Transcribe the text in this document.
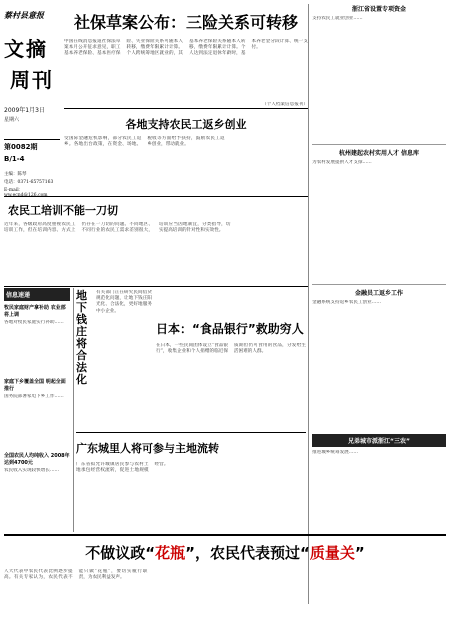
蔡村县意报
文摘
周刊
2009年1月3日
星期六
第0082期
B/1-4
主编：陈琴
电话：0371-65757163
E-mail：
社保草案公布：三险关系可转移
中国在线消息报道社保法草案本月公开征求意见，职工基本养老保险、基本医疗保险、失业保险关系可随本人转移，缴费年限累计计算。个人跨统筹地区就业的，其基本养老保险关系随本人转移，缴费年限累计计算。个人达到法定退休年龄时，基本养老金分段计算、统一支付。
（个人档案信息报刊）
浙江省设置专项资金
支持农民工就业创业……
杭州建起农村实用人才 信息库
为农村发展提供人才支撑……
金融员工返乡工作
金融系统支持返乡农民工创业……
兄弟城市派浙江“三农”
推进城乡统筹发展……
各地支持农民工返乡创业
受国际金融危机影响，部分农民工返乡。各地出台政策，在资金、场地、税收等方面给予扶持，鼓励农民工返乡创业，带动就业。
农民工培训不能一刀切
近年来，各级政府高度重视农民工培训工作，但在培训内容、方式上仍存在一刀切的问题。不同地区、不同行业的农民工需求差别很大，培训应当因地制宜，分类指导，切实提高培训的针对性和实效性。
信息速递
牧民家庭财产拿补助 农业部将上调
各地对牧民家庭实行补助……
家庭下乡覆盖全国 明起全面推行
国务院部署家电下乡工作……
全国农民人均纯收入 2008年达到4700元
农民收入实现较快增长……
地下钱庄将合法化
有关部门正在研究民间借贷规范化问题，让地下钱庄阳光化、合法化，更好地服务中小企业。
日本：“食品银行”救助穷人
在日本，一些民间团体设立“食品银行”，收集企业和个人捐赠的临近保质期但仍可食用的食品，分发给生活困难的人群。
广东城里人将可参与主地流转
广东省拟允许城镇居民参与农村土地承包经营权流转，促进土地规模经营。
不做议政“花瓶”，农民代表预过“质量关”
人大代表中农民代表比例逐步提高。有关专家认为，农民代表不能只做“花瓶”，要切实履行职责，为农民利益发声。
